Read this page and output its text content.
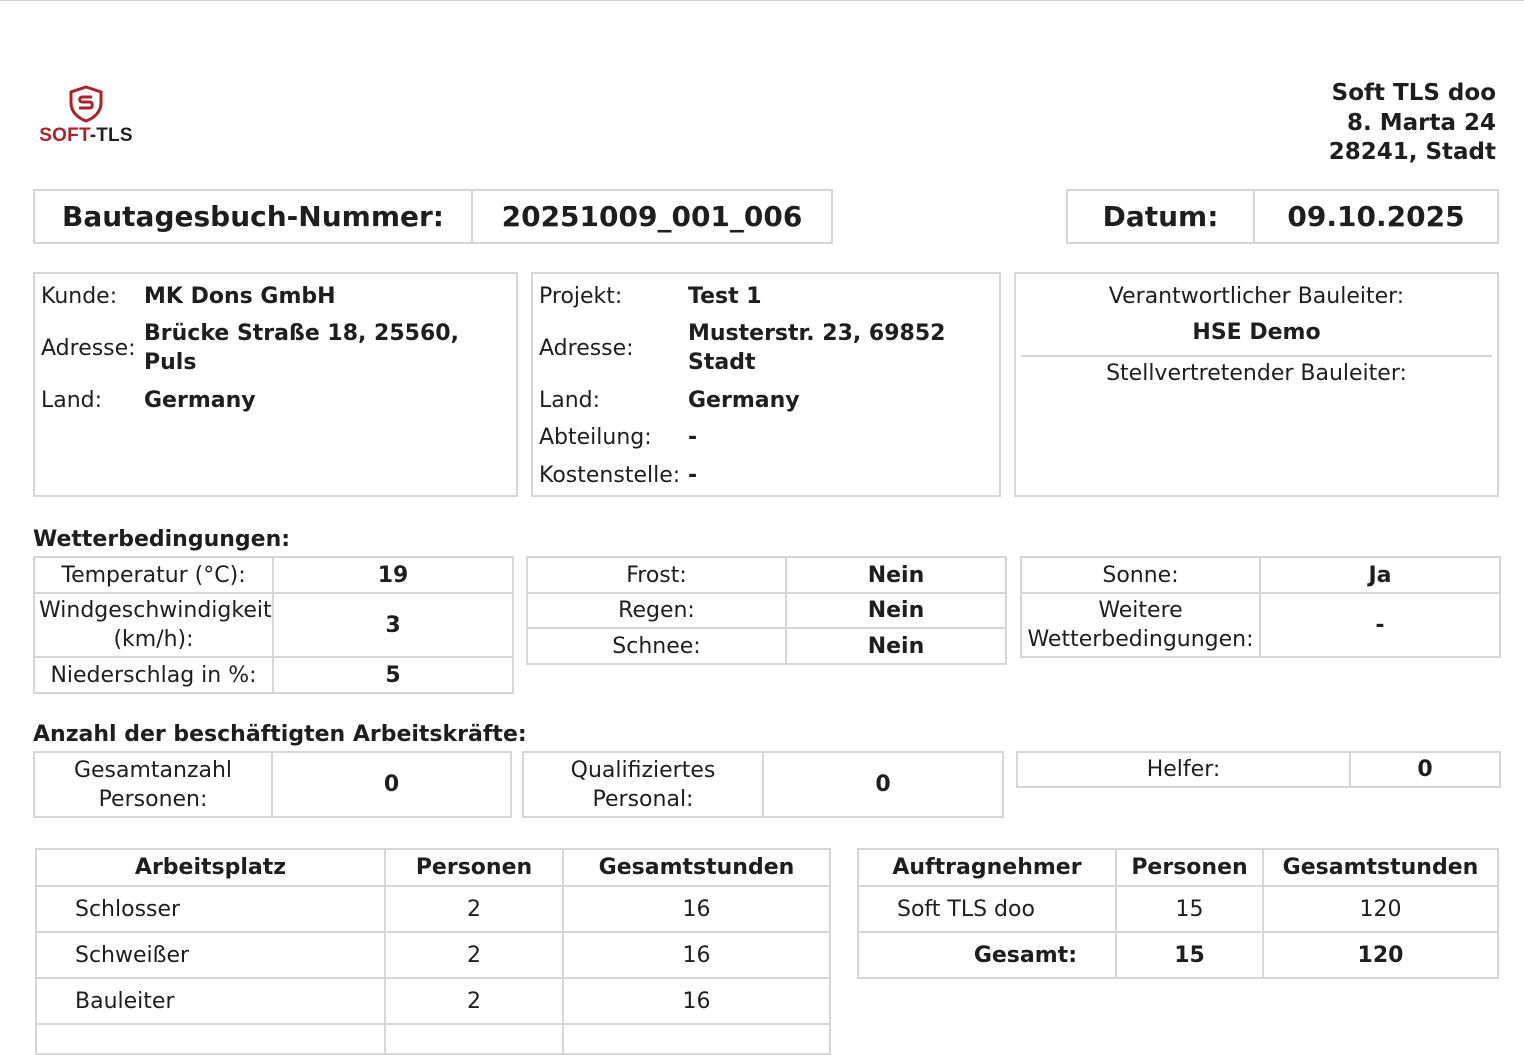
SOFT-TLS
Soft TLS doo
8. Marta 24
28241, Stadt
Bautagesbuch-Nummer:	20251009_001_006	Datum:	09.10.2025
Kunde: MK Dons GmbH
Adresse:
Brücke Straße 18, 25560,
Puls
Land: Germany
Projekt:	Test 1
Adresse:
Musterstr. 23, 69852
Stadt
Land:	Germany
Abteilung: -
Kostenstelle: -
Verantwortlicher Bauleiter:
HSE Demo
Stellvertretender Bauleiter:
Wetterbedingungen:
Temperatur (°C):	19
Windgeschwindigkeit
(km/h):	3
Niederschlag in %:	5
Frost:	Nein
Regen:	Nein
Schnee:	Nein
Sonne:	Ja
Weitere
Wetterbedingungen:	-
Anzahl der beschäftigten Arbeitskräfte:
Gesamtanzahl
Personen:	0
Qualifiziertes
Personal:	0
Helfer:	0
Arbeitsplatz	Personen	Gesamtstunden
Schlosser	2	16
Schweißer	2	16
Bauleiter	2	16

Auftragnehmer	Personen	Gesamtstunden
Soft TLS doo	15	120
Gesamt:	15	120
